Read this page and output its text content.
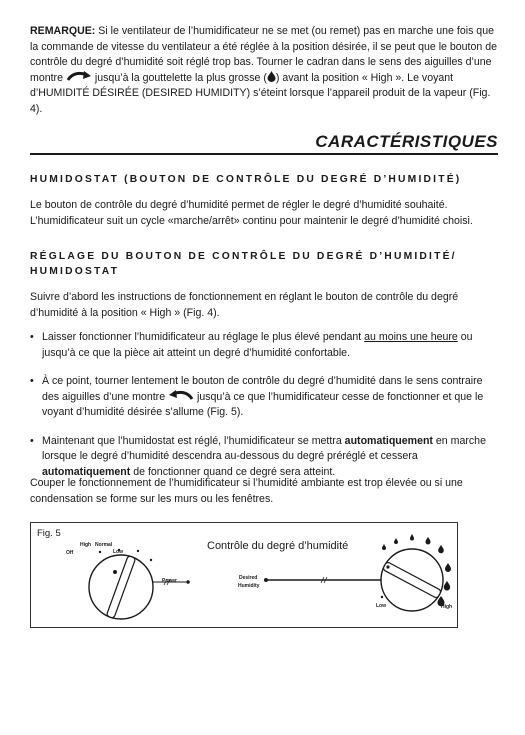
REMARQUE: Si le ventilateur de l’humidificateur ne se met (ou remet) pas en marche une fois que la commande de vitesse du ventilateur a été réglée à la position désirée, il se peut que le bouton de contrôle du degré d’humidité soit réglé trop bas. Tourner le cadran dans le sens des aiguilles d’une montre	jusqu’à la gouttelette la plus grosse ( ) avant la position « High ». Le voyant d’HUMIDITÉ DÉSIRÉE (DESIRED HUMIDITY) s’éteint lorsque l’appareil produit de la vapeur (Fig. 4).

CARACTÉRISTIQUES
HUMIDOSTAT (BOUTON DE CONTRÔLE DU DEGRÉ D’HUMIDITÉ)

Le bouton de contrôle du degré d’humidité permet de régler le degré d’humidité souhaité. L’humidificateur suit un cycle «marche/arrêt» continu pour maintenir le degré d’humidité choisi.

RÉGLAGE DU BOUTON DE CONTRÔLE DU DEGRÉ D’HUMIDITÉ/ HUMIDOSTAT

Suivre d’abord les instructions de fonctionnement en réglant le bouton de contrôle du degré d’humidité à la position « High » (Fig. 4).

• Laisser fonctionner l’humidificateur au réglage le plus élevé pendant au moins une heure ou jusqu’à ce que la pièce ait atteint un degré d’humidité confortable.
• À ce point, tourner lentement le bouton de contrôle du degré d’humidité dans le sens contraire des aiguilles d’une montre	jusqu’à ce que l’humidificateur cesse de fonctionner et que le voyant d’humidité désirée s’allume (Fig. 5).
• Maintenant que l’humidostat est réglé, l’humidificateur se mettra automatiquement en marche lorsque le degré d’humidité descendra au-dessous du degré préréglé et cessera automatiquement de fonctionner quand ce degré sera atteint.

Couper le fonctionnement de l’humidificateur si l’humidité ambiante est trop élevée ou si une condensation se forme sur les murs ou les fenêtres.

Fig. 5
Contrôle du degré d’humidité
Off
High Normal
Low
Power	Desired
Humidity
Low	High
